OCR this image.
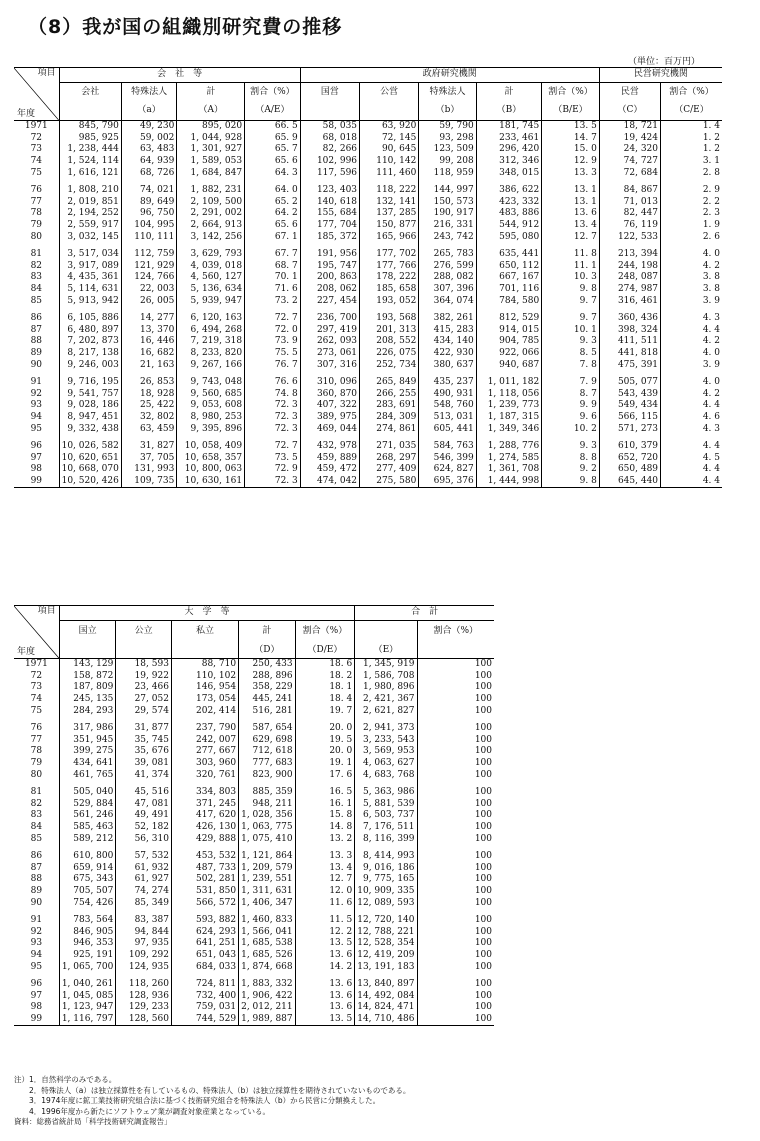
（8）我が国の組織別研究費の推移
（単位：百万円）
項目
年度	会　社　等				政府研究機関					民営研究機関	
	会社	特殊法人	計	割合（%）	国営	公営	特殊法人	計	割合（%）	民営	割合（%）
		（a）	（A）	（A/E）			（b）	（B）	（B/E）	（C）	（C/E）
1971	845, 790	49, 230	895, 020	66. 5	58, 035	63, 920	59, 790	181, 745	13. 5	18, 721	1. 4
72	985, 925	59, 002	1, 044, 928	65. 9	68, 018	72, 145	93, 298	233, 461	14. 7	19, 424	1. 2
73	1, 238, 444	63, 483	1, 301, 927	65. 7	82, 266	90, 645	123, 509	296, 420	15. 0	24, 320	1. 2
74	1, 524, 114	64, 939	1, 589, 053	65. 6	102, 996	110, 142	99, 208	312, 346	12. 9	74, 727	3. 1
75	1, 616, 121	68, 726	1, 684, 847	64. 3	117, 596	111, 460	118, 959	348, 015	13. 3	72, 684	2. 8

76	1, 808, 210	74, 021	1, 882, 231	64. 0	123, 403	118, 222	144, 997	386, 622	13. 1	84, 867	2. 9
77	2, 019, 851	89, 649	2, 109, 500	65. 2	140, 618	132, 141	150, 573	423, 332	13. 1	71, 013	2. 2
78	2, 194, 252	96, 750	2, 291, 002	64. 2	155, 684	137, 285	190, 917	483, 886	13. 6	82, 447	2. 3
79	2, 559, 917	104, 995	2, 664, 913	65. 6	177, 704	150, 877	216, 331	544, 912	13. 4	76, 119	1. 9
80	3, 032, 145	110, 111	3, 142, 256	67. 1	185, 372	165, 966	243, 742	595, 080	12. 7	122, 533	2. 6

81	3, 517, 034	112, 759	3, 629, 793	67. 7	191, 956	177, 702	265, 783	635, 441	11. 8	213, 394	4. 0
82	3, 917, 089	121, 929	4, 039, 018	68. 7	195, 747	177, 766	276, 599	650, 112	11. 1	244, 198	4. 2
83	4, 435, 361	124, 766	4, 560, 127	70. 1	200, 863	178, 222	288, 082	667, 167	10. 3	248, 087	3. 8
84	5, 114, 631	22, 003	5, 136, 634	71. 6	208, 062	185, 658	307, 396	701, 116	9. 8	274, 987	3. 8
85	5, 913, 942	26, 005	5, 939, 947	73. 2	227, 454	193, 052	364, 074	784, 580	9. 7	316, 461	3. 9

86	6, 105, 886	14, 277	6, 120, 163	72. 7	236, 700	193, 568	382, 261	812, 529	9. 7	360, 436	4. 3
87	6, 480, 897	13, 370	6, 494, 268	72. 0	297, 419	201, 313	415, 283	914, 015	10. 1	398, 324	4. 4
88	7, 202, 873	16, 446	7, 219, 318	73. 9	262, 093	208, 552	434, 140	904, 785	9. 3	411, 511	4. 2
89	8, 217, 138	16, 682	8, 233, 820	75. 5	273, 061	226, 075	422, 930	922, 066	8. 5	441, 818	4. 0
90	9, 246, 003	21, 163	9, 267, 166	76. 7	307, 316	252, 734	380, 637	940, 687	7. 8	475, 391	3. 9

91	9, 716, 195	26, 853	9, 743, 048	76. 6	310, 096	265, 849	435, 237	1, 011, 182	7. 9	505, 077	4. 0
92	9, 541, 757	18, 928	9, 560, 685	74. 8	360, 870	266, 255	490, 931	1, 118, 056	8. 7	543, 439	4. 2
93	9, 028, 186	25, 422	9, 053, 608	72. 3	407, 322	283, 691	548, 760	1, 239, 773	9. 9	549, 434	4. 4
94	8, 947, 451	32, 802	8, 980, 253	72. 3	389, 975	284, 309	513, 031	1, 187, 315	9. 6	566, 115	4. 6
95	9, 332, 438	63, 459	9, 395, 896	72. 3	469, 044	274, 861	605, 441	1, 349, 346	10. 2	571, 273	4. 3

96	10, 026, 582	31, 827	10, 058, 409	72. 7	432, 978	271, 035	584, 763	1, 288, 776	9. 3	610, 379	4. 4
97	10, 620, 651	37, 705	10, 658, 357	73. 5	459, 889	268, 297	546, 399	1, 274, 585	8. 8	652, 720	4. 5
98	10, 668, 070	131, 993	10, 800, 063	72. 9	459, 472	277, 409	624, 827	1, 361, 708	9. 2	650, 489	4. 4
99	10, 520, 426	109, 735	10, 630, 161	72. 3	474, 042	275, 580	695, 376	1, 444, 998	9. 8	645, 440	4. 4
項目
年度	大　学　等					合　計	
	国立	公立	私立	計	割合（%）		割合（%）
				（D）	（D/E）	（E）	
1971	143, 129	18, 593	88, 710	250, 433	18. 6	1, 345, 919	100
72	158, 872	19, 922	110, 102	288, 896	18. 2	1, 586, 708	100
73	187, 809	23, 466	146, 954	358, 229	18. 1	1, 980, 896	100
74	245, 135	27, 052	173, 054	445, 241	18. 4	2, 421, 367	100
75	284, 293	29, 574	202, 414	516, 281	19. 7	2, 621, 827	100

76	317, 986	31, 877	237, 790	587, 654	20. 0	2, 941, 373	100
77	351, 945	35, 745	242, 007	629, 698	19. 5	3, 233, 543	100
78	399, 275	35, 676	277, 667	712, 618	20. 0	3, 569, 953	100
79	434, 641	39, 081	303, 960	777, 683	19. 1	4, 063, 627	100
80	461, 765	41, 374	320, 761	823, 900	17. 6	4, 683, 768	100

81	505, 040	45, 516	334, 803	885, 359	16. 5	5, 363, 986	100
82	529, 884	47, 081	371, 245	948, 211	16. 1	5, 881, 539	100
83	561, 246	49, 491	417, 620	1, 028, 356	15. 8	6, 503, 737	100
84	585, 463	52, 182	426, 130	1, 063, 775	14. 8	7, 176, 511	100
85	589, 212	56, 310	429, 888	1, 075, 410	13. 2	8, 116, 399	100

86	610, 800	57, 532	453, 532	1, 121, 864	13. 3	8, 414, 993	100
87	659, 914	61, 932	487, 733	1, 209, 579	13. 4	9, 016, 186	100
88	675, 343	61, 927	502, 281	1, 239, 551	12. 7	9, 775, 165	100
89	705, 507	74, 274	531, 850	1, 311, 631	12. 0	10, 909, 335	100
90	754, 426	85, 349	566, 572	1, 406, 347	11. 6	12, 089, 593	100

91	783, 564	83, 387	593, 882	1, 460, 833	11. 5	12, 720, 140	100
92	846, 905	94, 844	624, 293	1, 566, 041	12. 2	12, 788, 221	100
93	946, 353	97, 935	641, 251	1, 685, 538	13. 5	12, 528, 354	100
94	925, 191	109, 292	651, 043	1, 685, 526	13. 6	12, 419, 209	100
95	1, 065, 700	124, 935	684, 033	1, 874, 668	14. 2	13, 191, 183	100

96	1, 040, 261	118, 260	724, 811	1, 883, 332	13. 6	13, 840, 897	100
97	1, 045, 085	128, 936	732, 400	1, 906, 422	13. 6	14, 492, 084	100
98	1, 123, 947	129, 233	759, 031	2, 012, 211	13. 6	14, 824, 471	100
99	1, 116, 797	128, 560	744, 529	1, 989, 887	13. 5	14, 710, 486	100
注）1．自然科学のみである。
　　2．特殊法人（a）は独立採算性を有しているもの、特殊法人（b）は独立採算性を期待されていないものである。
　　3．1974年度に鉱工業技術研究組合法に基づく技術研究組合を特殊法人（b）から民営に分類換えした。
　　4．1996年度から新たにソフトウェア業が調査対象産業となっている。
資料：総務省統計局「科学技術研究調査報告」
